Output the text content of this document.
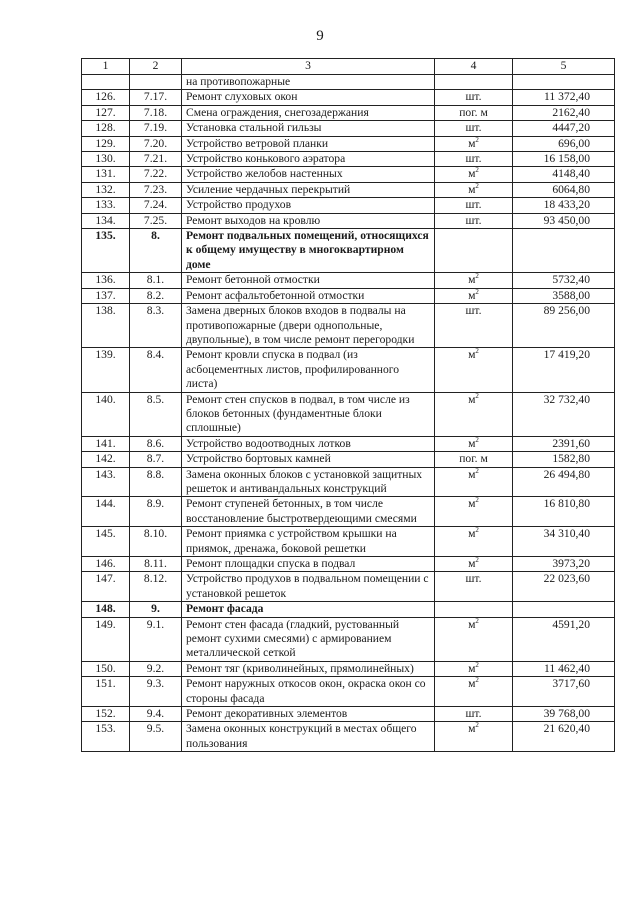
9
1	2	3	4	5
		на противопожарные		
126.	7.17.	Ремонт слуховых окон	шт.	11 372,40
127.	7.18.	Смена ограждения, снегозадержания	пог. м	2162,40
128.	7.19.	Установка стальной гильзы	шт.	4447,20
129.	7.20.	Устройство ветровой планки	$м^2$	696,00
130.	7.21.	Устройство конькового аэратора	шт.	16 158,00
131.	7.22.	Устройство желобов настенных	$м^2$	4148,40
132.	7.23.	Усиление чердачных перекрытий	$м^2$	6064,80
133.	7.24.	Устройство продухов	шт.	18 433,20
134.	7.25.	Ремонт выходов на кровлю	шт.	93 450,00
135.	8.	Ремонт подвальных помещений, относящихся к общему имуществу в многоквартирном доме		
136.	8.1.	Ремонт бетонной отмостки	$м^2$	5732,40
137.	8.2.	Ремонт асфальтобетонной отмостки	$м^2$	3588,00
138.	8.3.	Замена дверных блоков входов в подвалы на противопожарные (двери однопольные, двупольные), в том числе ремонт перегородки	шт.	89 256,00
139.	8.4.	Ремонт кровли спуска в подвал (из асбоцементных листов, профилированного листа)	$м^2$	17 419,20
140.	8.5.	Ремонт стен спусков в подвал, в том числе из блоков бетонных (фундаментные блоки сплошные)	$м^2$	32 732,40
141.	8.6.	Устройство водоотводных лотков	$м^2$	2391,60
142.	8.7.	Устройство бортовых камней	пог. м	1582,80
143.	8.8.	Замена оконных блоков с установкой защитных решеток и антивандальных конструкций	$м^2$	26 494,80
144.	8.9.	Ремонт ступеней бетонных, в том числе восстановление быстротвердеющими смесями	$м^2$	16 810,80
145.	8.10.	Ремонт приямка с устройством крышки на приямок, дренажа, боковой решетки	$м^2$	34 310,40
146.	8.11.	Ремонт площадки спуска в подвал	$м^2$	3973,20
147.	8.12.	Устройство продухов в подвальном помещении с установкой решеток	шт.	22 023,60
148.	9.	Ремонт фасада		
149.	9.1.	Ремонт стен фасада (гладкий, рустованный ремонт сухими смесями) с армированием металлической сеткой	$м^2$	4591,20
150.	9.2.	Ремонт тяг (криволинейных, прямолинейных)	$м^2$	11 462,40
151.	9.3.	Ремонт наружных откосов окон, окраска окон со стороны фасада	$м^2$	3717,60
152.	9.4.	Ремонт декоративных элементов	шт.	39 768,00
153.	9.5.	Замена оконных конструкций в местах общего пользования	$м^2$	21 620,40
